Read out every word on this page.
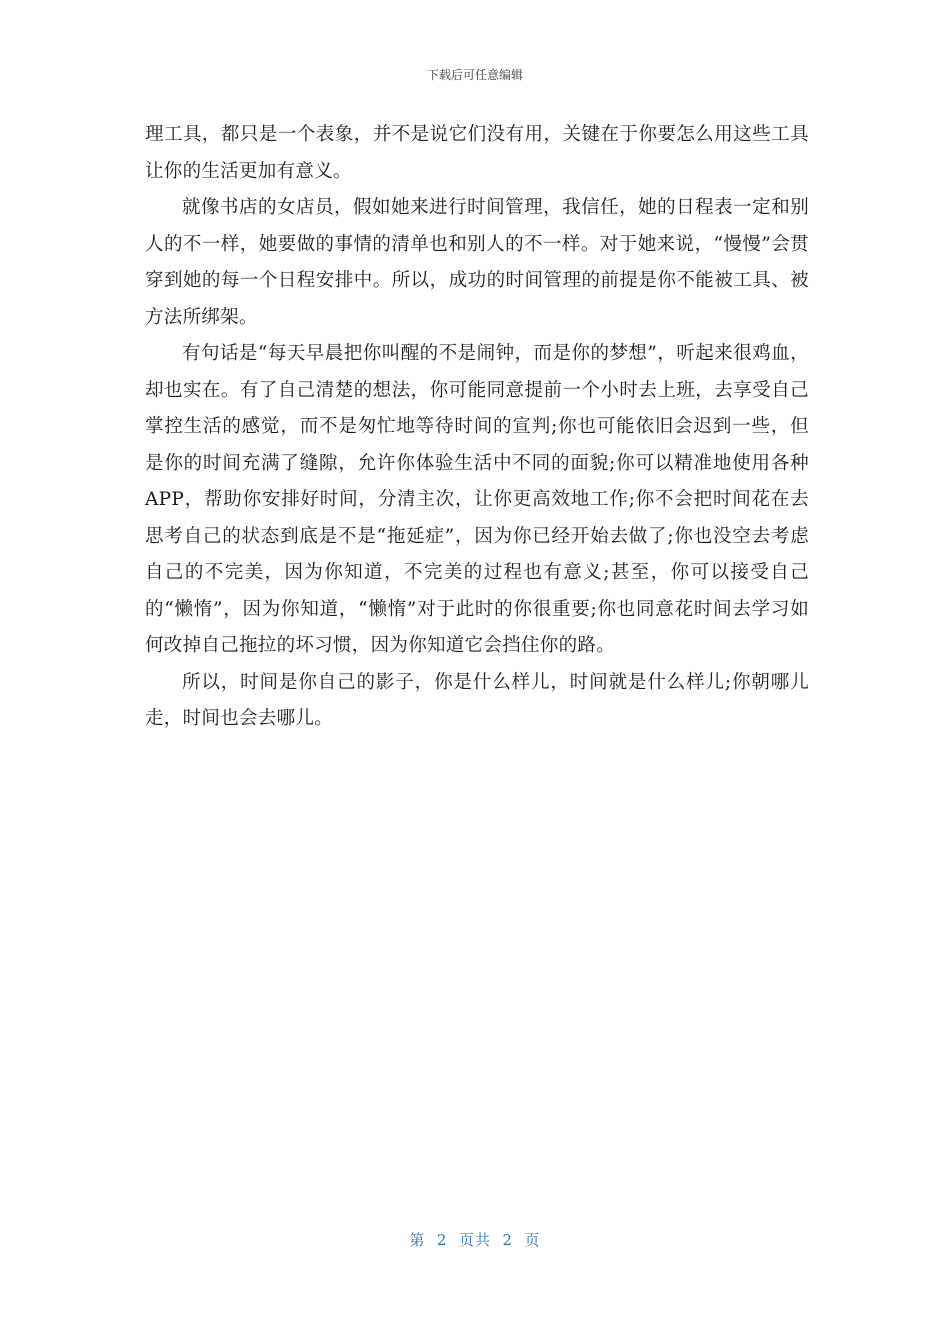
下载后可任意编辑

理工具，都只是一个表象，并不是说它们没有用，关键在于你要怎么用这些工具让你的生活更加有意义。

就像书店的女店员，假如她来进行时间管理，我信任，她的日程表一定和别人的不一样，她要做的事情的清单也和别人的不一样。对于她来说，“慢慢”会贯穿到她的每一个日程安排中。所以，成功的时间管理的前提是你不能被工具、被方法所绑架。

有句话是“每天早晨把你叫醒的不是闹钟，而是你的梦想”，听起来很鸡血，却也实在。有了自己清楚的想法，你可能同意提前一个小时去上班，去享受自己掌控生活的感觉，而不是匆忙地等待时间的宣判;你也可能依旧会迟到一些，但是你的时间充满了缝隙，允许你体验生活中不同的面貌;你可以精准地使用各种APP，帮助你安排好时间，分清主次，让你更高效地工作;你不会把时间花在去思考自己的状态到底是不是“拖延症”，因为你已经开始去做了;你也没空去考虑自己的不完美，因为你知道，不完美的过程也有意义;甚至，你可以接受自己的“懒惰”，因为你知道，“懒惰”对于此时的你很重要;你也同意花时间去学习如何改掉自己拖拉的坏习惯，因为你知道它会挡住你的路。

所以，时间是你自己的影子，你是什么样儿，时间就是什么样儿;你朝哪儿走，时间也会去哪儿。

第  2  页共  2  页
